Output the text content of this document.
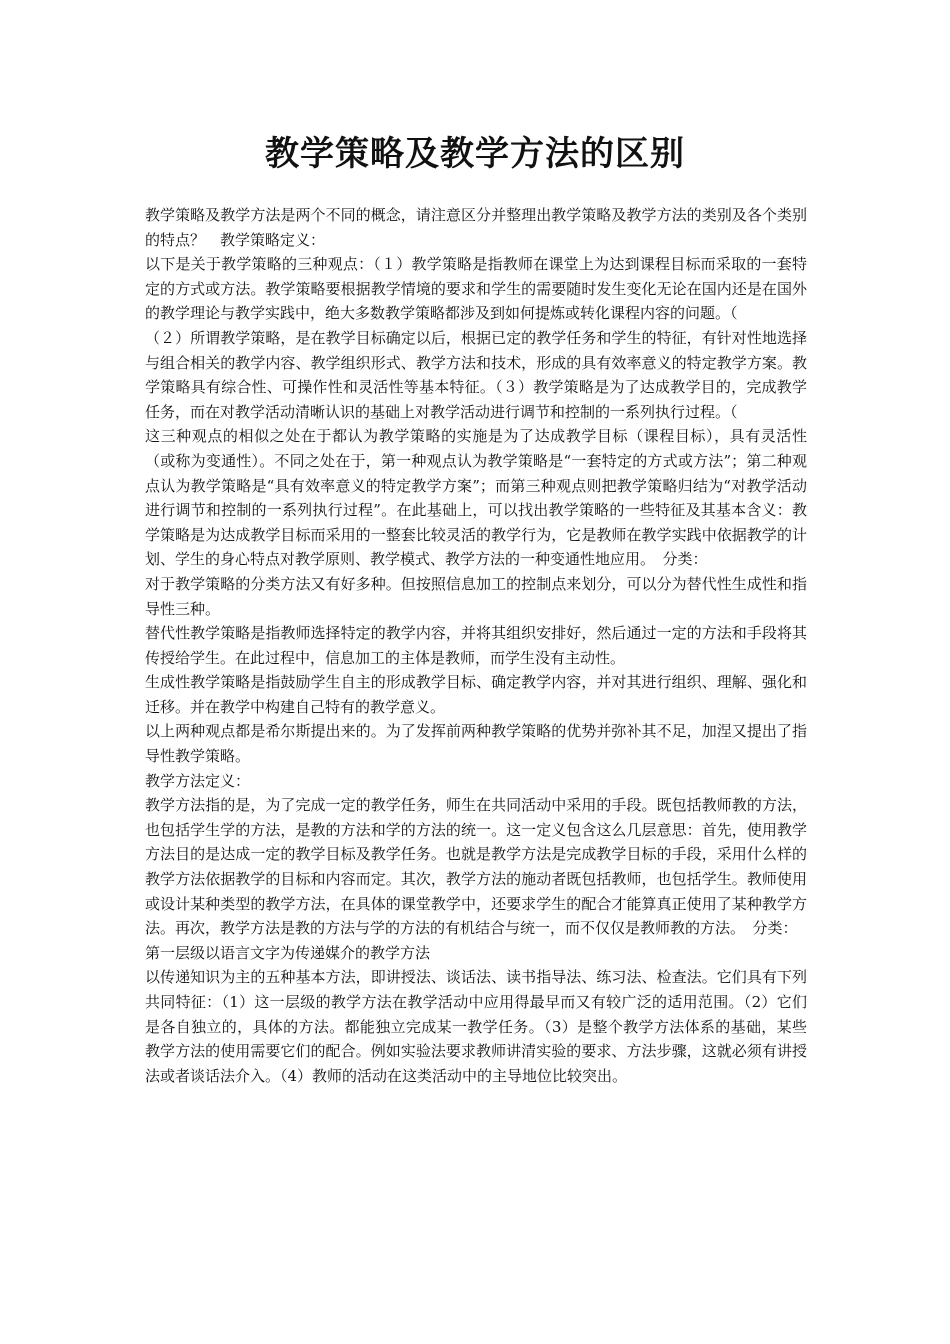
教学策略及教学方法的区别

教学策略及教学方法是两个不同的概念，请注意区分并整理出教学策略及教学方法的类别及各个类别的特点？　教学策略定义：

以下是关于教学策略的三种观点：（１）教学策略是指教师在课堂上为达到课程目标而采取的一套特定的方式或方法。教学策略要根据教学情境的要求和学生的需要随时发生变化无论在国内还是在国外的教学理论与教学实践中，绝大多数教学策略都涉及到如何提炼或转化课程内容的问题。（

（２）所谓教学策略，是在教学目标确定以后，根据已定的教学任务和学生的特征，有针对性地选择与组合相关的教学内容、教学组织形式、教学方法和技术，形成的具有效率意义的特定教学方案。教学策略具有综合性、可操作性和灵活性等基本特征。（３）教学策略是为了达成教学目的，完成教学任务，而在对教学活动清晰认识的基础上对教学活动进行调节和控制的一系列执行过程。（

这三种观点的相似之处在于都认为教学策略的实施是为了达成教学目标（课程目标），具有灵活性（或称为变通性）。不同之处在于，第一种观点认为教学策略是“一套特定的方式或方法”；第二种观点认为教学策略是“具有效率意义的特定教学方案”；而第三种观点则把教学策略归结为“对教学活动进行调节和控制的一系列执行过程”。在此基础上，可以找出教学策略的一些特征及其基本含义：教学策略是为达成教学目标而采用的一整套比较灵活的教学行为，它是教师在教学实践中依据教学的计划、学生的身心特点对教学原则、教学模式、教学方法的一种变通性地应用。　分类：

对于教学策略的分类方法又有好多种。但按照信息加工的控制点来划分，可以分为替代性生成性和指导性三种。

替代性教学策略是指教师选择特定的教学内容，并将其组织安排好，然后通过一定的方法和手段将其传授给学生。在此过程中，信息加工的主体是教师，而学生没有主动性。

生成性教学策略是指鼓励学生自主的形成教学目标、确定教学内容，并对其进行组织、理解、强化和迁移。并在教学中构建自己特有的教学意义。

以上两种观点都是希尔斯提出来的。为了发挥前两种教学策略的优势并弥补其不足，加涅又提出了指导性教学策略。

教学方法定义：

教学方法指的是，为了完成一定的教学任务，师生在共同活动中采用的手段。既包括教师教的方法，也包括学生学的方法，是教的方法和学的方法的统一。这一定义包含这么几层意思：首先，使用教学方法目的是达成一定的教学目标及教学任务。也就是教学方法是完成教学目标的手段，采用什么样的教学方法依据教学的目标和内容而定。其次，教学方法的施动者既包括教师，也包括学生。教师使用或设计某种类型的教学方法，在具体的课堂教学中，还要求学生的配合才能算真正使用了某种教学方法。再次，教学方法是教的方法与学的方法的有机结合与统一，而不仅仅是教师教的方法。　分类：

第一层级以语言文字为传递媒介的教学方法

以传递知识为主的五种基本方法，即讲授法、谈话法、读书指导法、练习法、检查法。它们具有下列共同特征：（1）这一层级的教学方法在教学活动中应用得最早而又有较广泛的适用范围。（2）它们是各自独立的，具体的方法。都能独立完成某一教学任务。（3）是整个教学方法体系的基础，某些教学方法的使用需要它们的配合。例如实验法要求教师讲清实验的要求、方法步骤，这就必须有讲授法或者谈话法介入。（4）教师的活动在这类活动中的主导地位比较突出。
